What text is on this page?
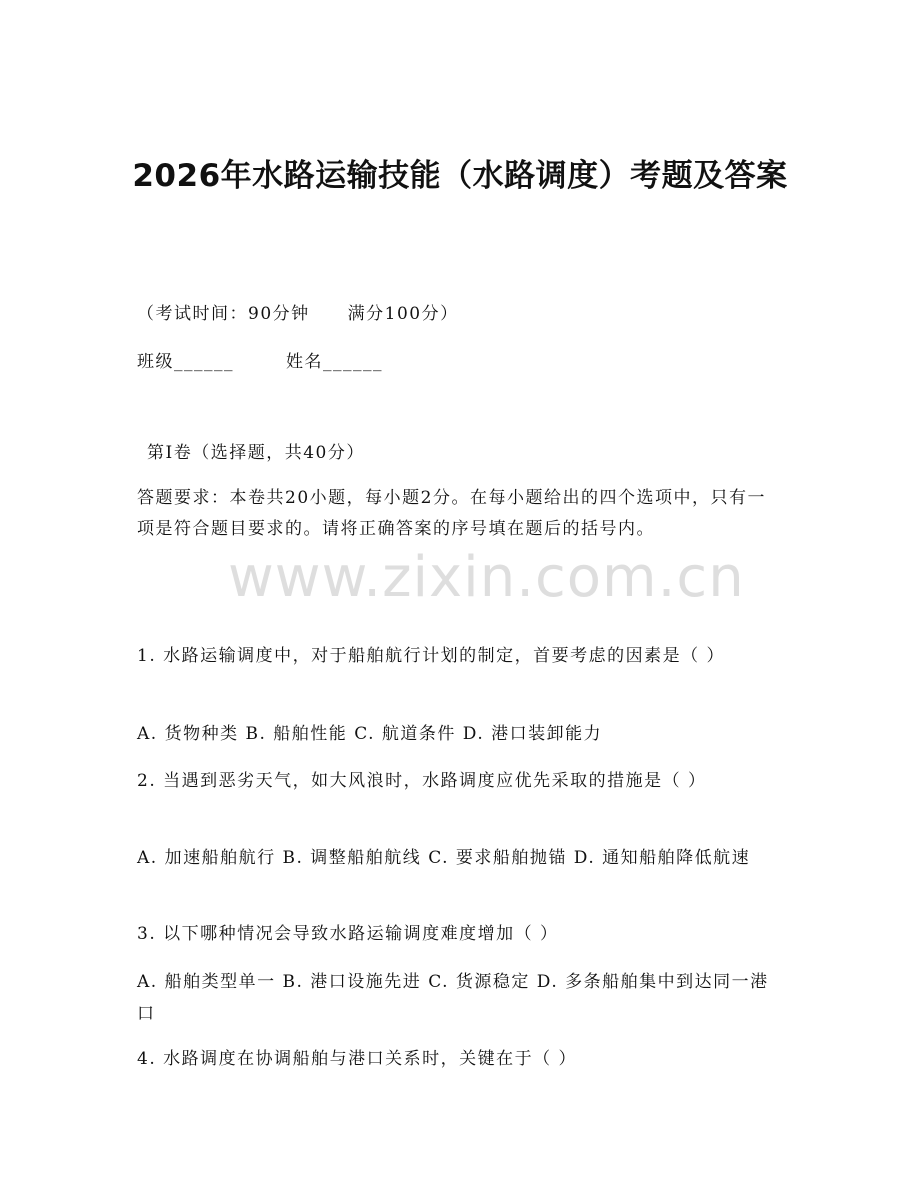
2026年水路运输技能（水路调度）考题及答案
（考试时间：90分钟 满分100分）
班级______	姓名______
第I卷（选择题，共40分）
答题要求：本卷共20小题，每小题2分。在每小题给出的四个选项中，只有一项是符合题目要求的。请将正确答案的序号填在题后的括号内。
1. 水路运输调度中，对于船舶航行计划的制定，首要考虑的因素是（ ）
A. 货物种类 B. 船舶性能 C. 航道条件 D. 港口装卸能力
2. 当遇到恶劣天气，如大风浪时，水路调度应优先采取的措施是（ ）
A. 加速船舶航行 B. 调整船舶航线 C. 要求船舶抛锚 D. 通知船舶降低航速
3. 以下哪种情况会导致水路运输调度难度增加（ ）
A. 船舶类型单一 B. 港口设施先进 C. 货源稳定 D. 多条船舶集中到达同一港口
4. 水路调度在协调船舶与港口关系时，关键在于（ ）
www.zixin.com.cn
